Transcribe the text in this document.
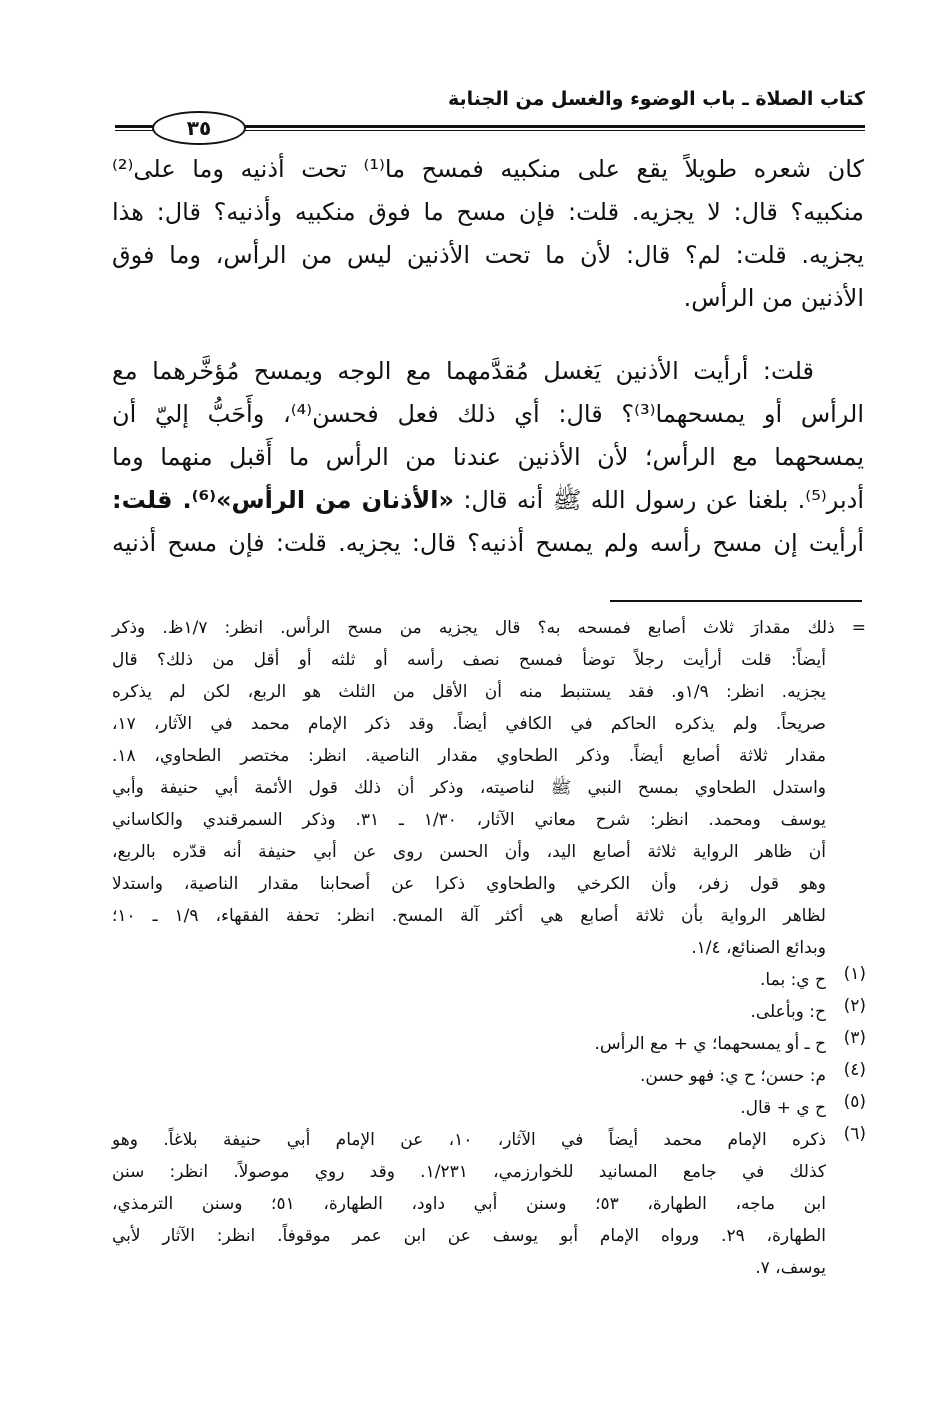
كتاب الصلاة ـ باب الوضوء والغسل من الجنابة
٣٥
كان شعره طويلاً يقع على منكبيه فمسح ما⁽¹⁾ تحت أذنيه وما على⁽²⁾
منكبيه؟ قال: لا يجزيه. قلت: فإن مسح ما فوق منكبيه وأذنيه؟ قال: هذا
يجزيه. قلت: لم؟ قال: لأن ما تحت الأذنين ليس من الرأس، وما فوق
الأذنين من الرأس.
قلت: أرأيت الأذنين يَغسل مُقدَّمهما مع الوجه ويمسح مُؤخَّرهما مع
الرأس أو يمسحهما⁽³⁾؟ قال: أي ذلك فعل فحسن⁽⁴⁾، وأَحَبُّ إليّ أن
يمسحهما مع الرأس؛ لأن الأذنين عندنا من الرأس ما أَقبل منهما وما
أدبر⁽⁵⁾. بلغنا عن رسول الله ﷺ أنه قال: «الأذنان من الرأس»⁽⁶⁾. قلت:
أرأيت إن مسح رأسه ولم يمسح أذنيه؟ قال: يجزيه. قلت: فإن مسح أذنيه
= ذلك مقدارَ ثلاث أصابع فمسحه به؟ قال يجزيه من مسح الرأس. انظر: ١/٧ظ. وذكر
أيضاً: قلت أرأيت رجلاً توضأ فمسح نصف رأسه أو ثلثه أو أقل من ذلك؟ قال
يجزيه. انظر: ١/٩و. فقد يستنبط منه أن الأقل من الثلث هو الربع، لكن لم يذكره
صريحاً. ولم يذكره الحاكم في الكافي أيضاً. وقد ذكر الإمام محمد في الآثار، ١٧،
مقدار ثلاثة أصابع أيضاً. وذكر الطحاوي مقدار الناصية. انظر: مختصر الطحاوي، ١٨.
واستدل الطحاوي بمسح النبي ﷺ لناصيته، وذكر أن ذلك قول الأئمة أبي حنيفة وأبي
يوسف ومحمد. انظر: شرح معاني الآثار، ١/٣٠ ـ ٣١. وذكر السمرقندي والكاساني
أن ظاهر الرواية ثلاثة أصابع اليد، وأن الحسن روى عن أبي حنيفة أنه قدّره بالربع،
وهو قول زفر، وأن الكرخي والطحاوي ذكرا عن أصحابنا مقدار الناصية، واستدلا
لظاهر الرواية بأن ثلاثة أصابع هي أكثر آلة المسح. انظر: تحفة الفقهاء، ١/٩ ـ ١٠؛
وبدائع الصنائع، ١/٤.
(١)
ح ي: بما.
(٢)
ح: وبأعلى.
(٣)
ح ـ أو يمسحهما؛ ي + مع الرأس.
(٤)
م: حسن؛ ح ي: فهو حسن.
(٥)
ح ي + قال.
(٦)
ذكره الإمام محمد أيضاً في الآثار، ١٠، عن الإمام أبي حنيفة بلاغاً. وهو
كذلك في جامع المسانيد للخوارزمي، ١/٢٣١. وقد روي موصولاً. انظر: سنن
ابن ماجه، الطهارة، ٥٣؛ وسنن أبي داود، الطهارة، ٥١؛ وسنن الترمذي،
الطهارة، ٢٩. ورواه الإمام أبو يوسف عن ابن عمر موقوفاً. انظر: الآثار لأبي
يوسف، ٧.
